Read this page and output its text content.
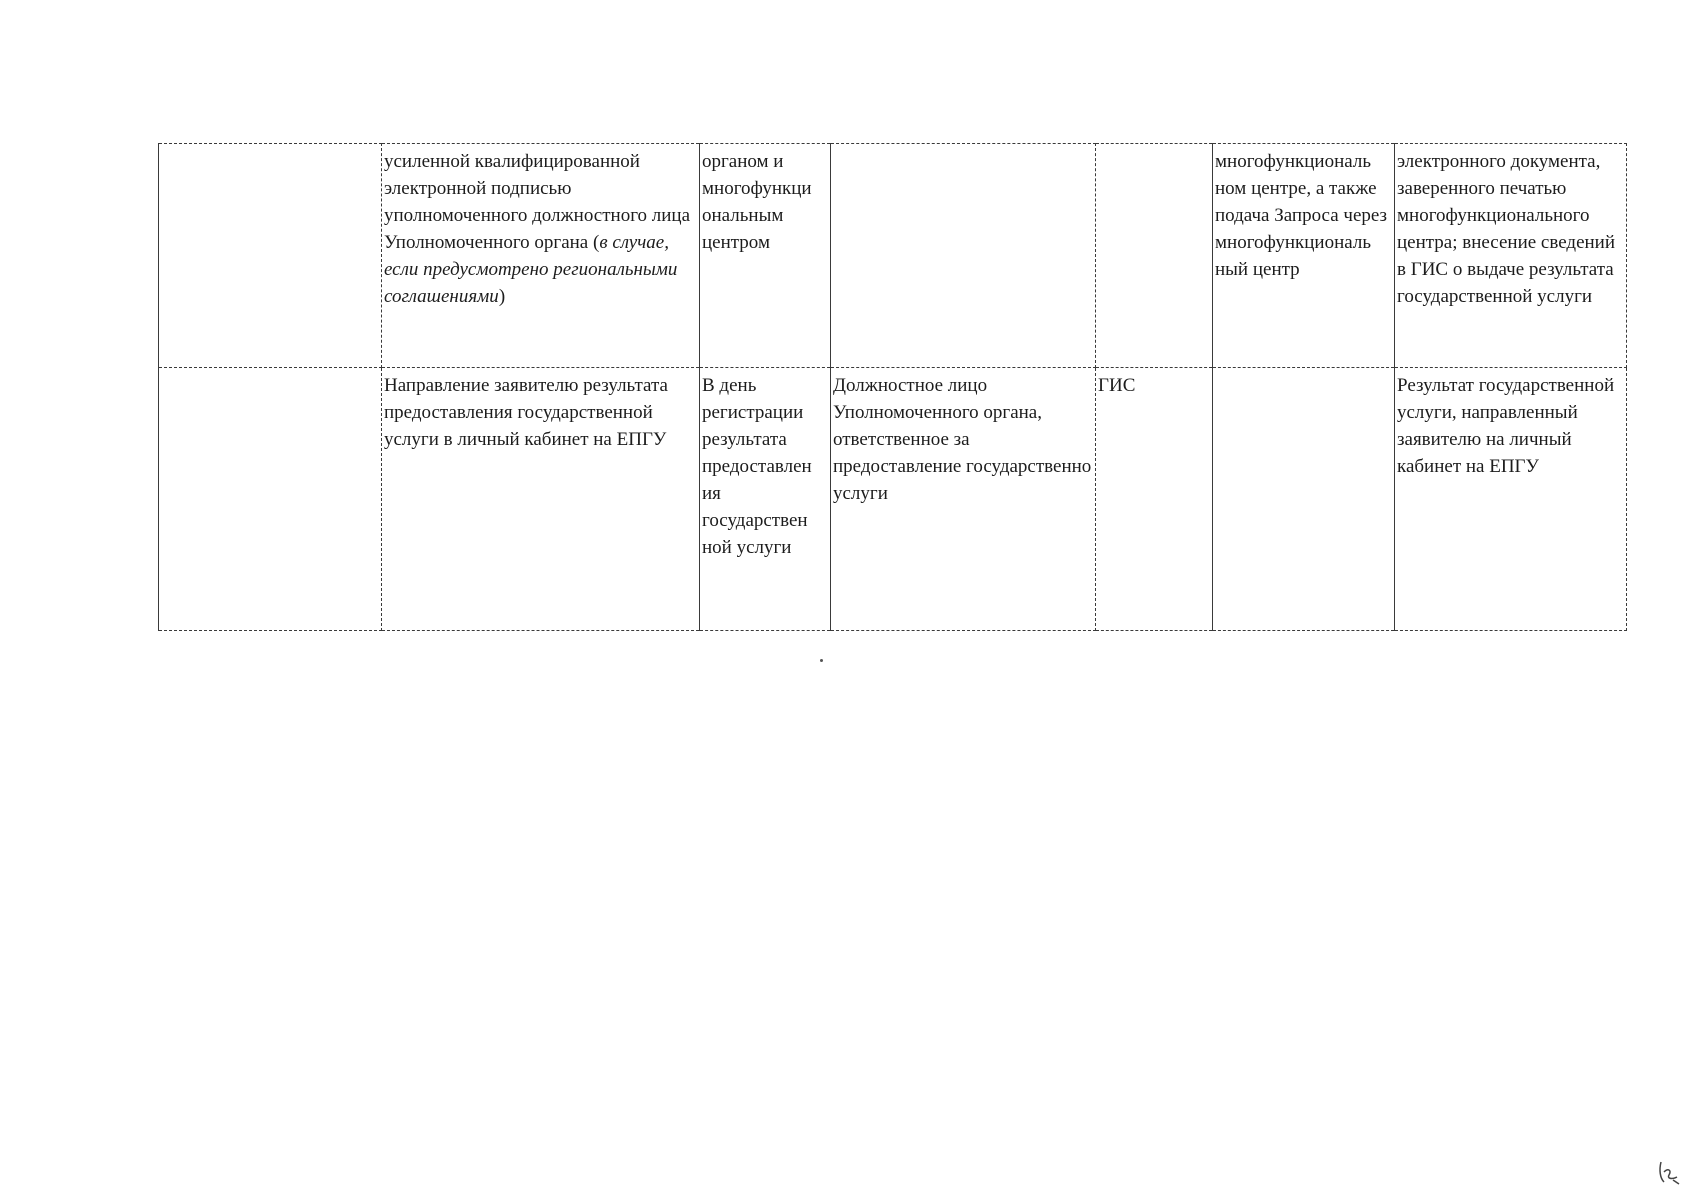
	усиленной квалифицированной электронной подписью уполномоченного должностного лица Уполномоченного органа (в случае, если предусмотрено региональными соглашениями)	органом и многофункци ональным центром			многофункциональ ном центре, а также подача Запроса через многофункциональ ный центр	электронного документа, заверенного печатью многофункционального центра; внесение сведений в ГИС о выдаче результата государственной услуги
	Направление заявителю результата предоставления государственной услуги в личный кабинет на ЕПГУ	В день регистрации результата предоставлен ия государствен ной услуги	Должностное лицо Уполномоченного органа, ответственное за предоставление государственно услуги	ГИС		Результат государственной услуги, направленный заявителю на личный кабинет на ЕПГУ
